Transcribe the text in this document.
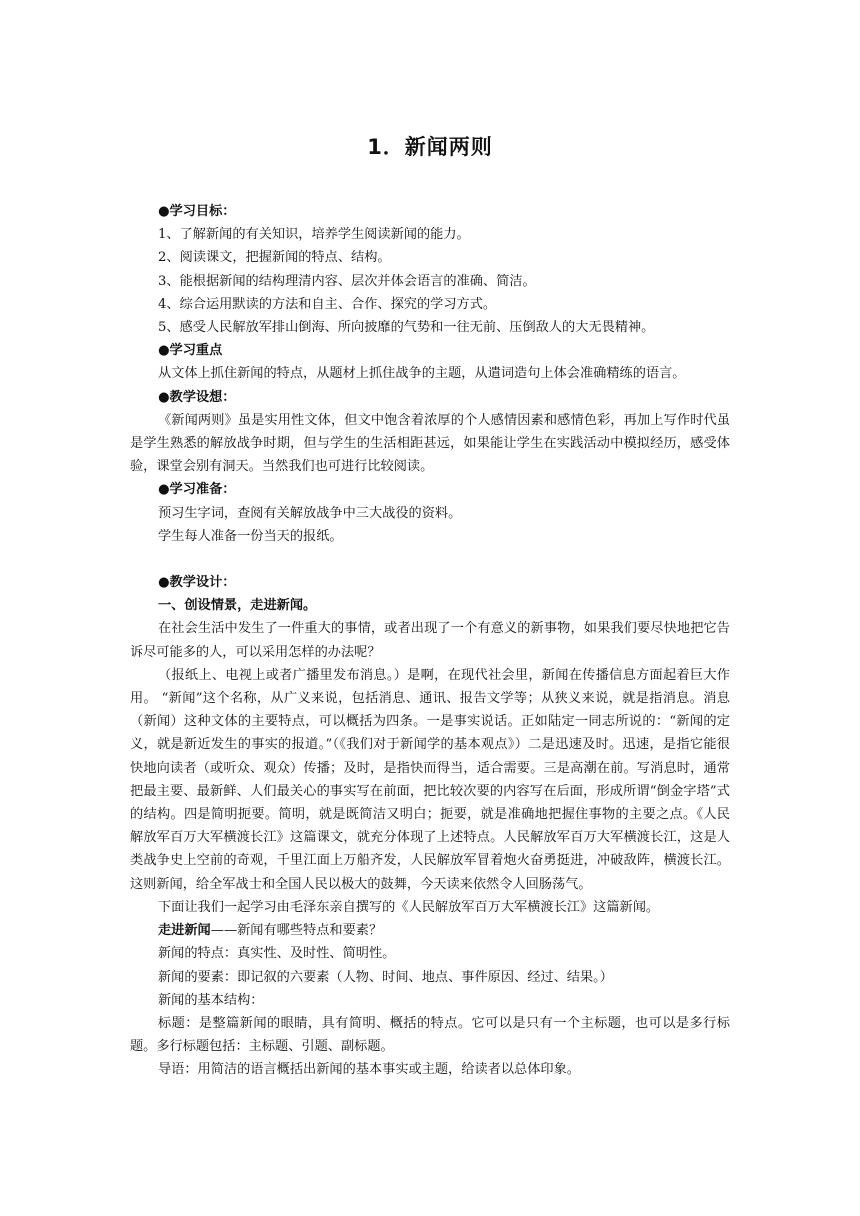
1．新闻两则

●学习目标：

1、了解新闻的有关知识，培养学生阅读新闻的能力。

2、阅读课文，把握新闻的特点、结构。

3、能根据新闻的结构理清内容、层次并体会语言的准确、简洁。

4、综合运用默读的方法和自主、合作、探究的学习方式。

5、感受人民解放军排山倒海、所向披靡的气势和一往无前、压倒敌人的大无畏精神。

●学习重点

从文体上抓住新闻的特点，从题材上抓住战争的主题，从遣词造句上体会准确精练的语言。

●教学设想：

《新闻两则》虽是实用性文体，但文中饱含着浓厚的个人感情因素和感情色彩，再加上写作时代虽是学生熟悉的解放战争时期，但与学生的生活相距甚远，如果能让学生在实践活动中模拟经历，感受体验，课堂会别有洞天。当然我们也可进行比较阅读。

●学习准备：

预习生字词，查阅有关解放战争中三大战役的资料。

学生每人准备一份当天的报纸。

●教学设计：

一、创设情景，走进新闻。

在社会生活中发生了一件重大的事情，或者出现了一个有意义的新事物，如果我们要尽快地把它告诉尽可能多的人，可以采用怎样的办法呢？

（报纸上、电视上或者广播里发布消息。）是啊，在现代社会里，新闻在传播信息方面起着巨大作用。 “新闻”这个名称，从广义来说，包括消息、通讯、报告文学等；从狭义来说，就是指消息。消息（新闻）这种文体的主要特点，可以概括为四条。一是事实说话。正如陆定一同志所说的：“新闻的定义，就是新近发生的事实的报道。”（《我们对于新闻学的基本观点》）二是迅速及时。迅速，是指它能很快地向读者（或听众、观众）传播；及时，是指快而得当，适合需要。三是高潮在前。写消息时，通常把最主要、最新鲜、人们最关心的事实写在前面，把比较次要的内容写在后面，形成所谓“倒金字塔”式的结构。四是简明扼要。简明，就是既简洁又明白；扼要，就是准确地把握住事物的主要之点。《人民解放军百万大军横渡长江》这篇课文，就充分体现了上述特点。人民解放军百万大军横渡长江，这是人类战争史上空前的奇观，千里江面上万船齐发，人民解放军冒着炮火奋勇挺进，冲破敌阵，横渡长江。这则新闻，给全军战士和全国人民以极大的鼓舞，今天读来依然令人回肠荡气。

下面让我们一起学习由毛泽东亲自撰写的《人民解放军百万大军横渡长江》这篇新闻。

走进新闻——新闻有哪些特点和要素？

新闻的特点：真实性、及时性、简明性。

新闻的要素：即记叙的六要素（人物、时间、地点、事件原因、经过、结果。）

新闻的基本结构：

标题：是整篇新闻的眼睛，具有简明、概括的特点。它可以是只有一个主标题，也可以是多行标题。多行标题包括：主标题、引题、副标题。

导语：用简洁的语言概括出新闻的基本事实或主题，给读者以总体印象。
